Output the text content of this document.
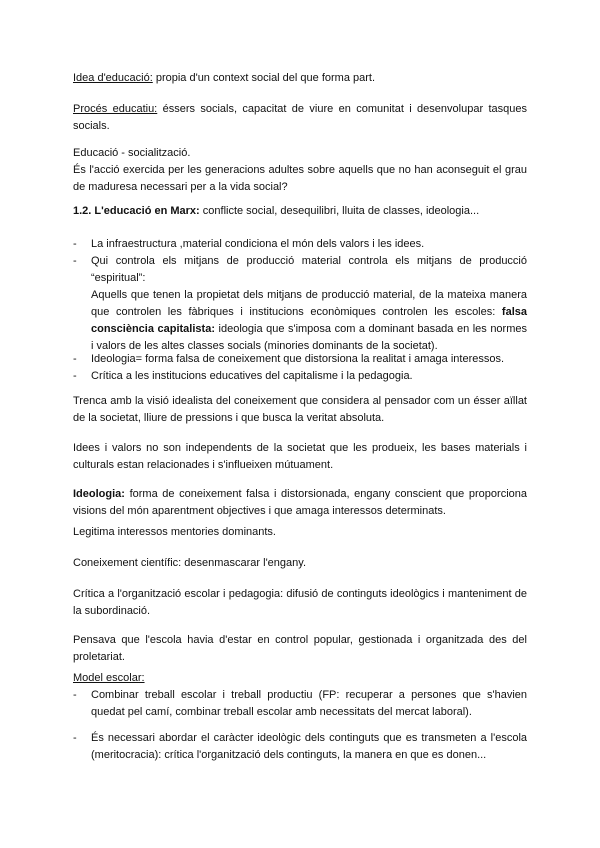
Idea d'educació: propia d'un context social del que forma part.

Procés educatiu: éssers socials, capacitat de viure en comunitat i desenvolupar tasques socials.

Educació - socialització.

És l'acció exercida per les generacions adultes sobre aquells que no han aconseguit el grau de maduresa necessari per a la vida social?

1.2. L'educació en Marx: conflicte social, desequilibri, lluita de classes, ideologia...

- La infraestructura ,material condiciona el món dels valors i les idees.
- Qui controla els mitjans de producció material controla els mitjans de producció “espiritual”:

Aquells que tenen la propietat dels mitjans de producció material, de la mateixa manera que controlen les fàbriques i institucions econòmiques controlen les escoles: falsa consciència capitalista: ideologia que s'imposa com a dominant basada en les normes i valors de les altes classes socials (minories dominants de la societat).

- Ideologia= forma falsa de coneixement que distorsiona la realitat i amaga interessos.
- Crítica a les institucions educatives del capitalisme i la pedagogia.

Trenca amb la visió idealista del coneixement que considera al pensador com un ésser aïllat de la societat, lliure de pressions i que busca la veritat absoluta.

Idees i valors no son independents de la societat que les produeix, les bases materials i culturals estan relacionades i s'influeixen mútuament.

Ideologia: forma de coneixement falsa i distorsionada, engany conscient que proporciona visions del món aparentment objectives i que amaga interessos determinats.

Legitima interessos mentories dominants.

Coneixement científic: desenmascarar l'engany.

Crítica a l'organització escolar i pedagogia: difusió de continguts ideològics i manteniment de la subordinació.

Pensava que l'escola havia d'estar en control popular, gestionada i organitzada des del proletariat.

Model escolar:

- Combinar treball escolar i treball productiu (FP: recuperar a persones que s'havien quedat pel camí, combinar treball escolar amb necessitats del mercat laboral).
- És necessari abordar el caràcter ideològic dels continguts que es transmeten a l'escola (meritocracia): crítica l'organització dels continguts, la manera en que es donen...
